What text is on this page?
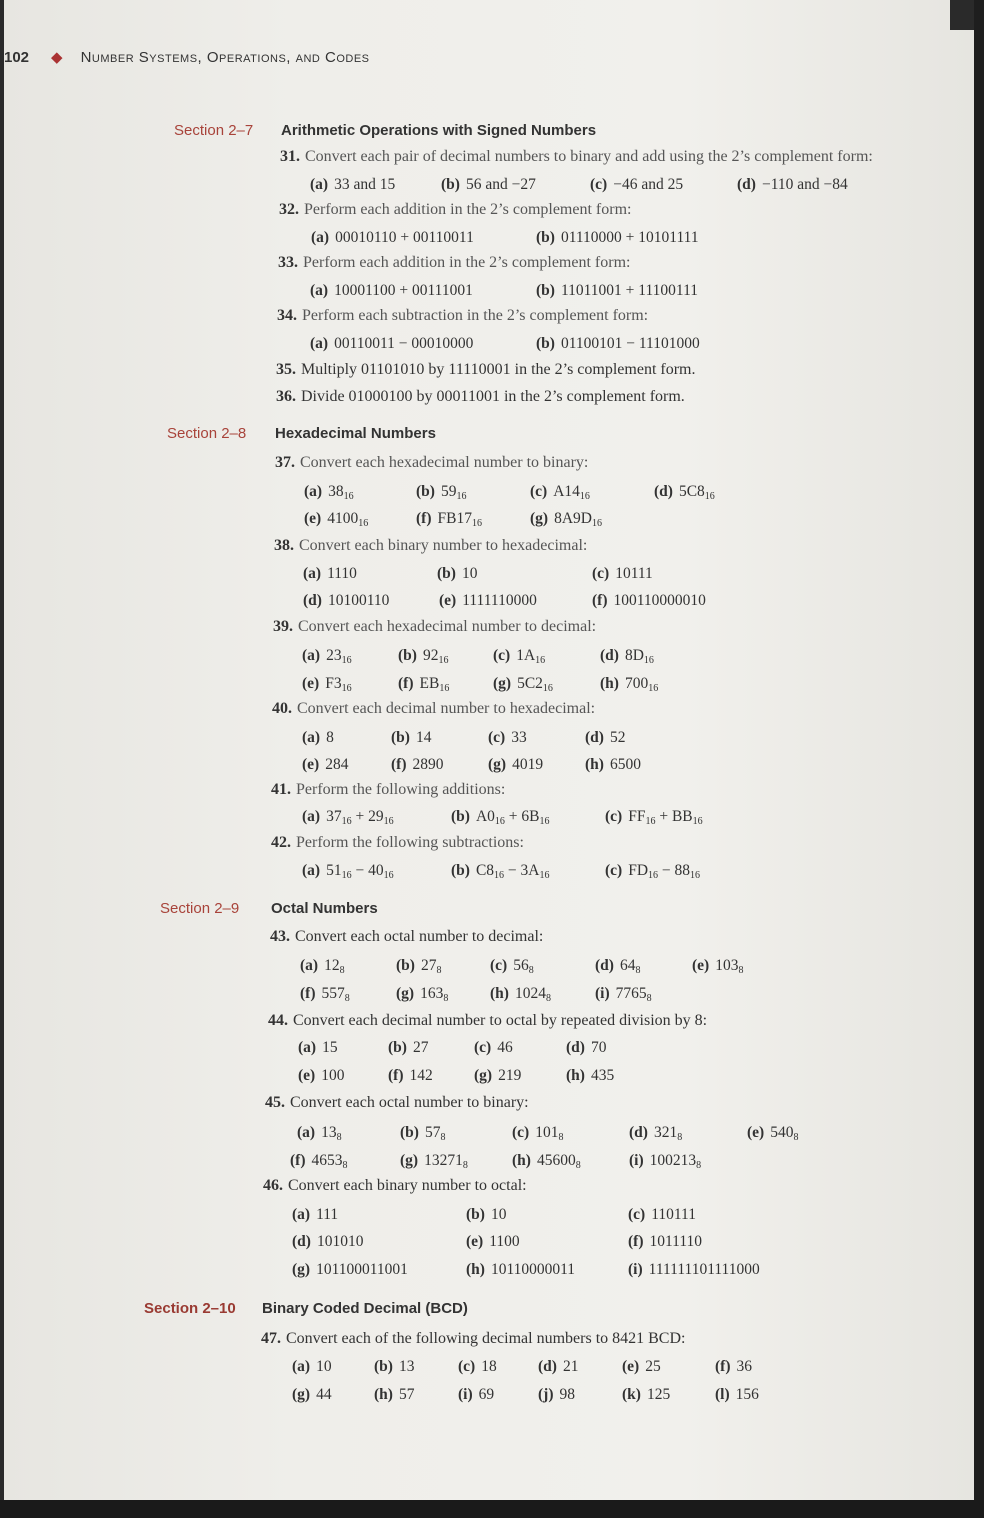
102 ◆ Number Systems, Operations, and Codes
Section 2–7 Arithmetic Operations with Signed Numbers
Section 2–8 Hexadecimal Numbers
Section 2–9 Octal Numbers
Section 2–10 Binary Coded Decimal (BCD)
31. Convert each pair of decimal numbers to binary and add using the 2’s complement form:
32. Perform each addition in the 2’s complement form:
33. Perform each addition in the 2’s complement form:
34. Perform each subtraction in the 2’s complement form:
35. Multiply 01101010 by 11110001 in the 2’s complement form.
36. Divide 01000100 by 00011001 in the 2’s complement form.
37. Convert each hexadecimal number to binary:
38. Convert each binary number to hexadecimal:
39. Convert each hexadecimal number to decimal:
40. Convert each decimal number to hexadecimal:
41. Perform the following additions:
42. Perform the following subtractions:
43. Convert each octal number to decimal:
44. Convert each decimal number to octal by repeated division by 8:
45. Convert each octal number to binary:
46. Convert each binary number to octal:
47. Convert each of the following decimal numbers to 8421 BCD:
(a) 33 and 15	(b) 56 and −27	(c) −46 and 25	(d) −110 and −84
(a) 00010110 + 00110011	(b) 01110000 + 10101111
(a) 10001100 + 00111001	(b) 11011001 + 11100111
(a) 00110011 − 00010000	(b) 01100101 − 11101000
(a) $38_{16}$	(b) $59_{16}$	(c) $A14_{16}$	(d) $5C8_{16}$
(e) $4100_{16}$	(f) $FB17_{16}$	(g) $8A9D_{16}$
(a) 1110	(b) 10	(c) 10111
(d) 10100110	(e) 1111110000	(f) 100110000010
(a) $23_{16}$	(b) $92_{16}$	(c) $1A_{16}$	(d) $8D_{16}$
(e) $F3_{16}$	(f) $EB_{16}$	(g) $5C2_{16}$	(h) $700_{16}$
(a) 8	(b) 14	(c) 33	(d) 52
(e) 284	(f) 2890	(g) 4019	(h) 6500
(a) $37_{16} + 29_{16}$	(b) $A0_{16} + 6B_{16}$	(c) $FF_{16} + BB_{16}$
(a) $51_{16} - 40_{16}$	(b) $C8_{16} - 3A_{16}$	(c) $FD_{16} - 88_{16}$
(a) $12_8$	(b) $27_8$	(c) $56_8$	(d) $64_8$	(e) $103_8$
(f) $557_8$	(g) $163_8$	(h) $1024_8$	(i) $7765_8$
(a) 15	(b) 27	(c) 46	(d) 70
(e) 100	(f) 142	(g) 219	(h) 435
(a) $13_8$	(b) $57_8$	(c) $101_8$	(d) $321_8$	(e) $540_8$
(f) $4653_8$	(g) $13271_8$	(h) $45600_8$	(i) $100213_8$
(a) 111	(b) 10	(c) 110111
(d) 101010	(e) 1100	(f) 1011110
(g) 101100011001	(h) 10110000011	(i) 111111101111000
(a) 10	(b) 13	(c) 18	(d) 21	(e) 25	(f) 36
(g) 44	(h) 57	(i) 69	(j) 98	(k) 125	(l) 156
